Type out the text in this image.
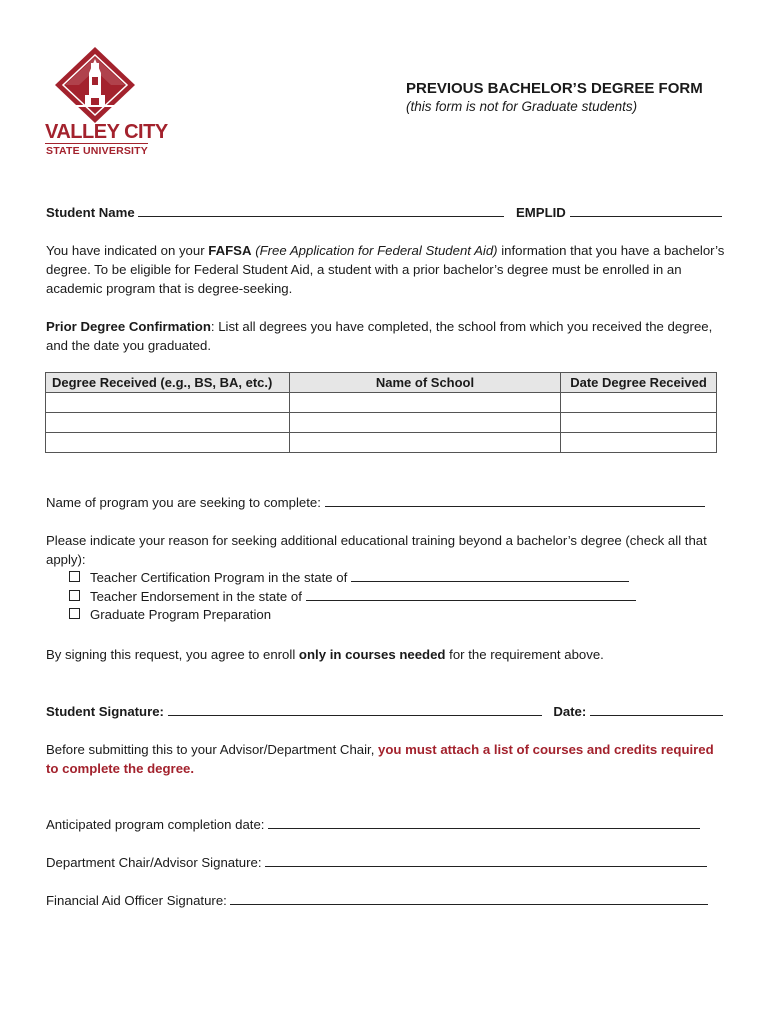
VALLEY CITY
STATE UNIVERSITY
PREVIOUS BACHELOR’S DEGREE FORM
(this form is not for Graduate students)
Student Name	EMPLID
You have indicated on your FAFSA (Free Application for Federal Student Aid) information that you have a bachelor’s degree. To be eligible for Federal Student Aid, a student with a prior bachelor’s degree must be enrolled in an academic program that is degree-seeking.
Prior Degree Confirmation: List all degrees you have completed, the school from which you received the degree, and the date you graduated.
Degree Received (e.g., BS, BA, etc.)	Name of School	Date Degree Received

Name of program you are seeking to complete:
Please indicate your reason for seeking additional educational training beyond a bachelor’s degree (check all that apply):
Teacher Certification Program in the state of
Teacher Endorsement in the state of
Graduate Program Preparation
By signing this request, you agree to enroll only in courses needed for the requirement above.
Student Signature:	Date:
Before submitting this to your Advisor/Department Chair, you must attach a list of courses and credits required to complete the degree.
Anticipated program completion date:
Department Chair/Advisor Signature:
Financial Aid Officer Signature:
